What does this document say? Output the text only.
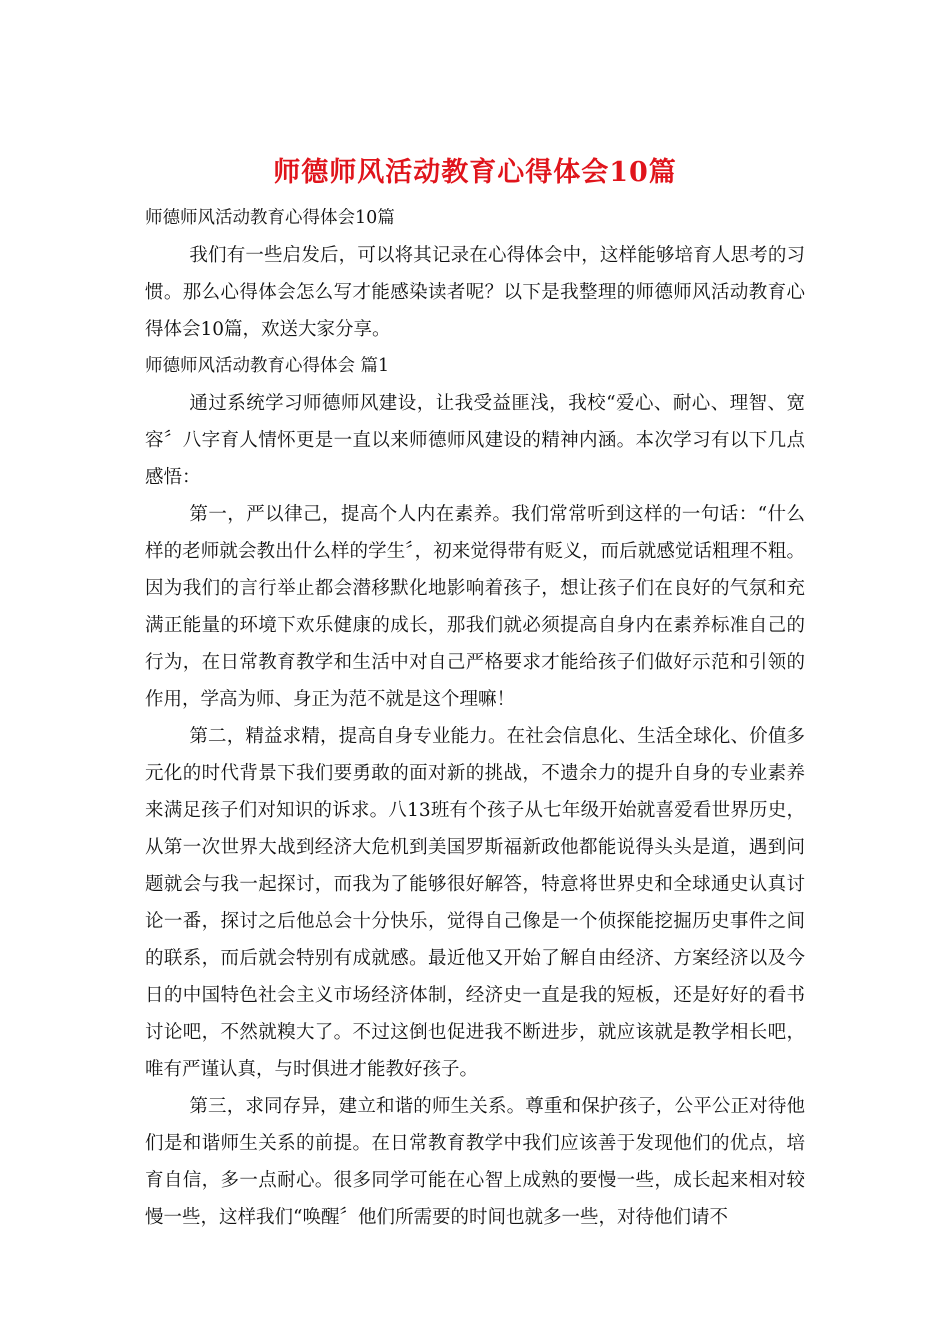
师德师风活动教育心得体会10篇

师德师风活动教育心得体会10篇

我们有一些启发后，可以将其记录在心得体会中，这样能够培育人思考的习惯。那么心得体会怎么写才能感染读者呢？以下是我整理的师德师风活动教育心得体会10篇，欢送大家分享。

师德师风活动教育心得体会 篇1

通过系统学习师德师风建设，让我受益匪浅，我校“爱心、耐心、理智、宽容〞八字育人情怀更是一直以来师德师风建设的精神内涵。本次学习有以下几点感悟：

第一，严以律己，提高个人内在素养。我们常常听到这样的一句话：“什么样的老师就会教出什么样的学生〞，初来觉得带有贬义，而后就感觉话粗理不粗。因为我们的言行举止都会潜移默化地影响着孩子，想让孩子们在良好的气氛和充满正能量的环境下欢乐健康的成长，那我们就必须提高自身内在素养标准自己的行为，在日常教育教学和生活中对自己严格要求才能给孩子们做好示范和引领的作用，学高为师、身正为范不就是这个理嘛！

第二，精益求精，提高自身专业能力。在社会信息化、生活全球化、价值多元化的时代背景下我们要勇敢的面对新的挑战，不遗余力的提升自身的专业素养来满足孩子们对知识的诉求。八13班有个孩子从七年级开始就喜爱看世界历史，从第一次世界大战到经济大危机到美国罗斯福新政他都能说得头头是道，遇到问题就会与我一起探讨，而我为了能够很好解答，特意将世界史和全球通史认真讨论一番，探讨之后他总会十分快乐，觉得自己像是一个侦探能挖掘历史事件之间的联系，而后就会特别有成就感。最近他又开始了解自由经济、方案经济以及今日的中国特色社会主义市场经济体制，经济史一直是我的短板，还是好好的看书讨论吧，不然就糗大了。不过这倒也促进我不断进步，就应该就是教学相长吧，唯有严谨认真，与时俱进才能教好孩子。

第三，求同存异，建立和谐的师生关系。尊重和保护孩子，公平公正对待他们是和谐师生关系的前提。在日常教育教学中我们应该善于发现他们的优点，培育自信，多一点耐心。很多同学可能在心智上成熟的要慢一些，成长起来相对较慢一些，这样我们“唤醒〞他们所需要的时间也就多一些，对待他们请不
